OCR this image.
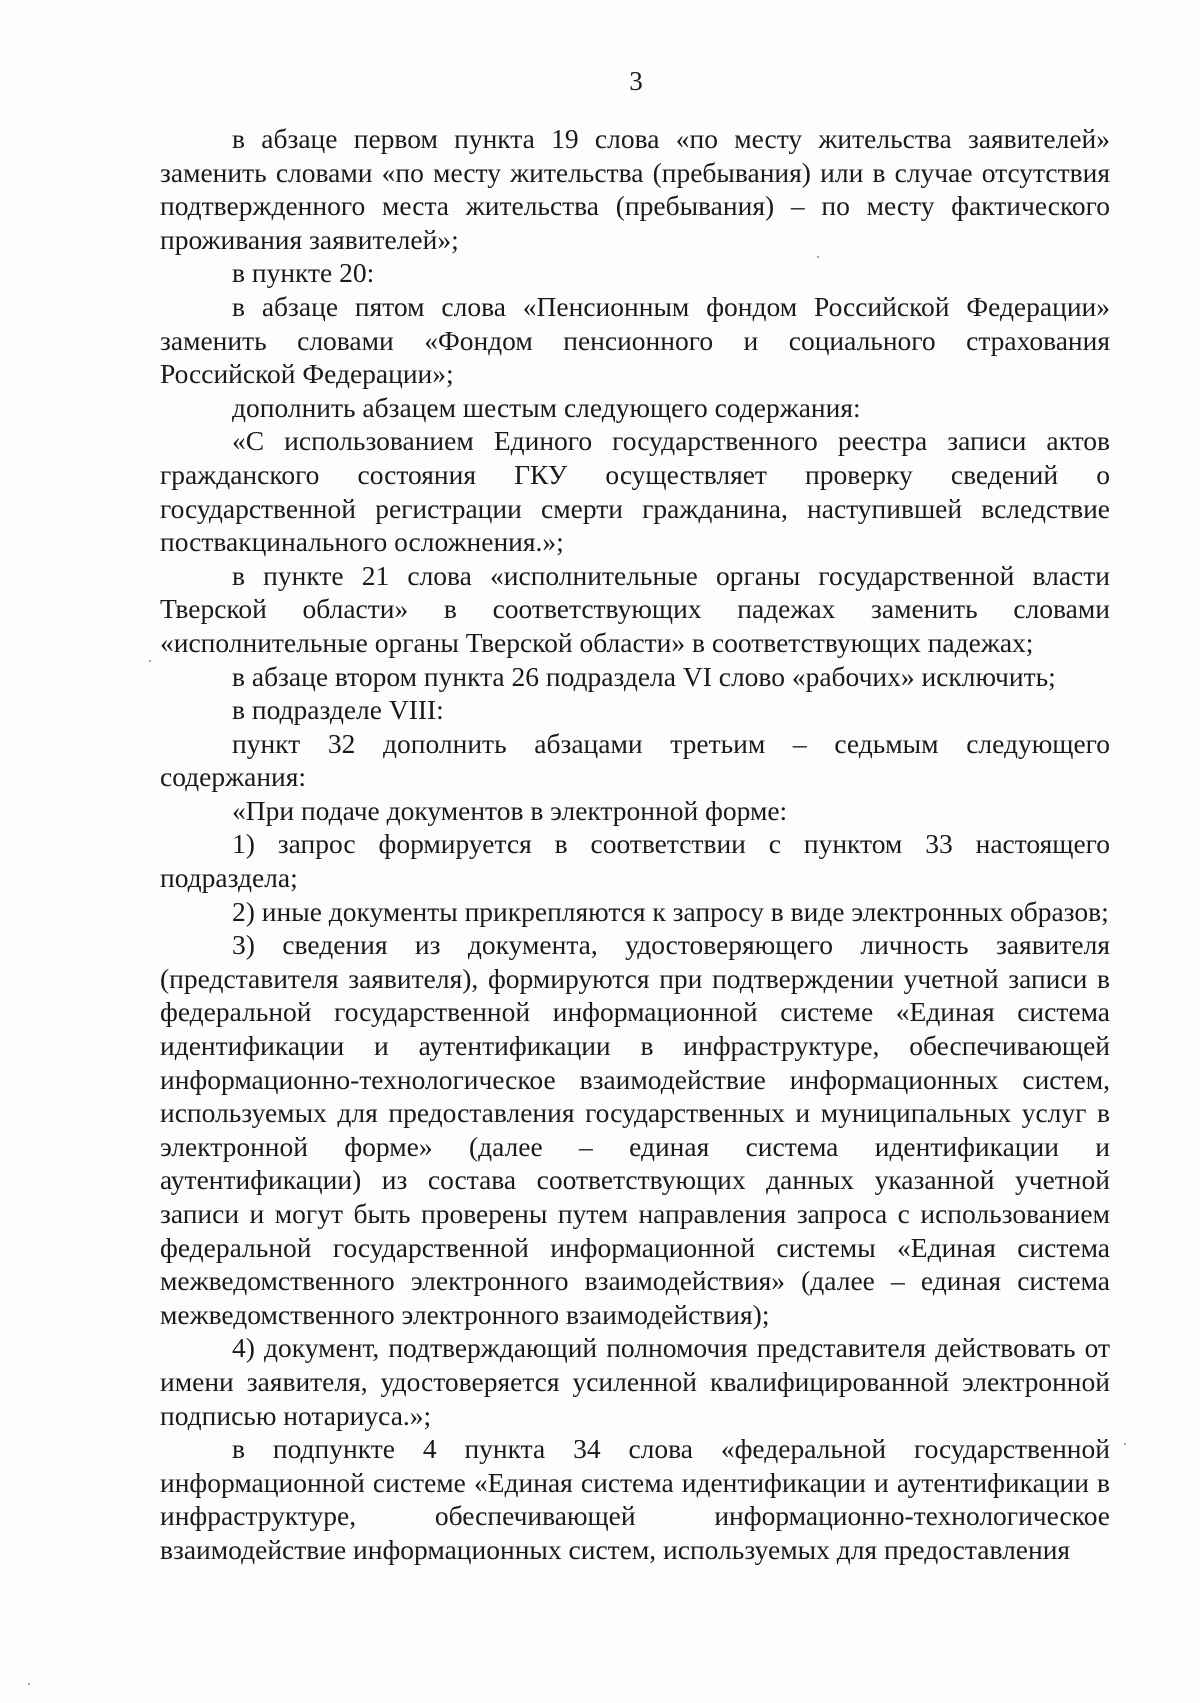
3

в абзаце первом пункта 19 слова «по месту жительства заявителей» заменить словами «по месту жительства (пребывания) или в случае отсутствия подтвержденного места жительства (пребывания) – по месту фактического проживания заявителей»;

в пункте 20:

в абзаце пятом слова «Пенсионным фондом Российской Федерации» заменить словами «Фондом пенсионного и социального страхования Российской Федерации»;

дополнить абзацем шестым следующего содержания:

«С использованием Единого государственного реестра записи актов гражданского состояния ГКУ осуществляет проверку сведений о государственной регистрации смерти гражданина, наступившей вследствие поствакцинального осложнения.»;

в пункте 21 слова «исполнительные органы государственной власти Тверской области» в соответствующих падежах заменить словами «исполнительные органы Тверской области» в соответствующих падежах;

в абзаце втором пункта 26 подраздела VI слово «рабочих» исключить;

в подразделе VIII:

пункт 32 дополнить абзацами третьим – седьмым следующего содержания:

«При подаче документов в электронной форме:

1) запрос формируется в соответствии с пунктом 33 настоящего подраздела;

2) иные документы прикрепляются к запросу в виде электронных образов;

3) сведения из документа, удостоверяющего личность заявителя (представителя заявителя), формируются при подтверждении учетной записи в федеральной государственной информационной системе «Единая система идентификации и аутентификации в инфраструктуре, обеспечивающей информационно-технологическое взаимодействие информационных систем, используемых для предоставления государственных и муниципальных услуг в электронной форме» (далее – единая система идентификации и аутентификации) из состава соответствующих данных указанной учетной записи и могут быть проверены путем направления запроса с использованием федеральной государственной информационной системы «Единая система межведомственного электронного взаимодействия» (далее – единая система межведомственного электронного взаимодействия);

4) документ, подтверждающий полномочия представителя действовать от имени заявителя, удостоверяется усиленной квалифицированной электронной подписью нотариуса.»;

в подпункте 4 пункта 34 слова «федеральной государственной информационной системе «Единая система идентификации и аутентификации в инфраструктуре, обеспечивающей информационно-технологическое взаимодействие информационных систем, используемых для предоставления
